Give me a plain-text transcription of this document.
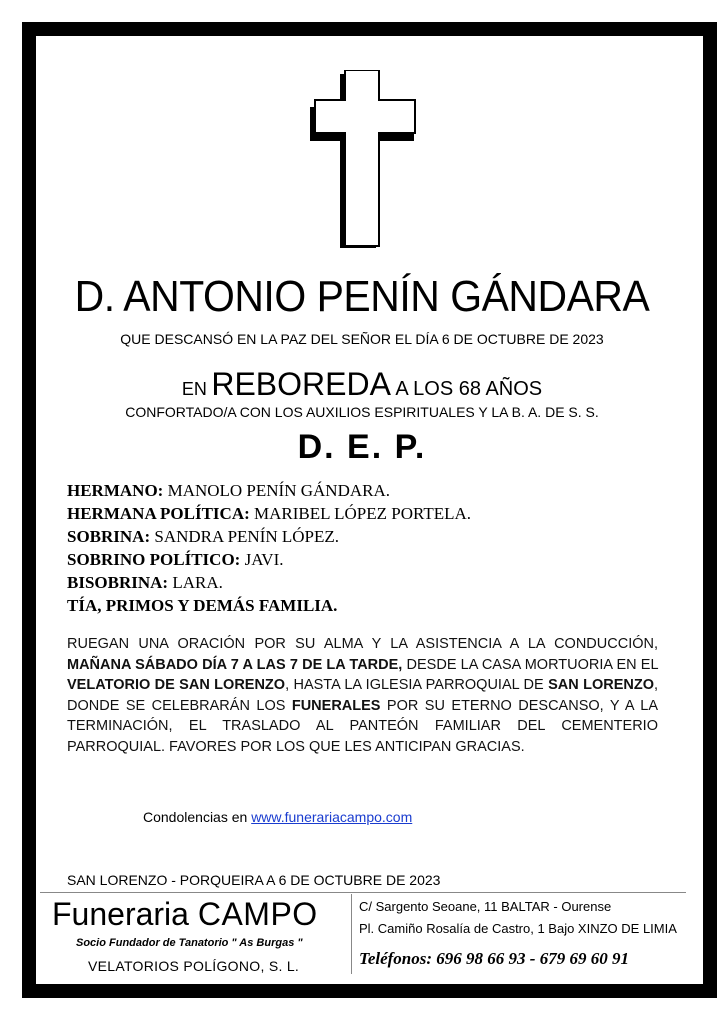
D. ANTONIO PENÍN GÁNDARA
QUE DESCANSÓ EN LA PAZ DEL SEÑOR EL DÍA 6 DE OCTUBRE DE 2023
EN REBOREDA A LOS 68 AÑOS
CONFORTADO/A CON LOS AUXILIOS ESPIRITUALES Y LA B. A. DE S. S.
D. E. P.
HERMANO: MANOLO PENÍN GÁNDARA.
HERMANA POLÍTICA: MARIBEL LÓPEZ PORTELA.
SOBRINA: SANDRA PENÍN LÓPEZ.
SOBRINO POLÍTICO: JAVI.
BISOBRINA: LARA.
TÍA, PRIMOS Y DEMÁS FAMILIA.
RUEGAN UNA ORACIÓN POR SU ALMA Y LA ASISTENCIA A LA CONDUCCIÓN, MAÑANA SÁBADO DÍA 7 A LAS 7 DE LA TARDE, DESDE LA CASA MORTUORIA EN EL VELATORIO DE SAN LORENZO, HASTA LA IGLESIA PARROQUIAL DE SAN LORENZO, DONDE SE CELEBRARÁN LOS FUNERALES POR SU ETERNO DESCANSO, Y A LA TERMINACIÓN, EL TRASLADO AL PANTEÓN FAMILIAR DEL CEMENTERIO PARROQUIAL. FAVORES POR LOS QUE LES ANTICIPAN GRACIAS.
Condolencias en www.funerariacampo.com
SAN LORENZO - PORQUEIRA A 6 DE OCTUBRE DE 2023
Funeraria CAMPO
Socio Fundador de Tanatorio " As Burgas "
VELATORIOS POLÍGONO, S. L.
C/ Sargento Seoane, 11 BALTAR - Ourense
Pl. Camiño Rosalía de Castro, 1 Bajo XINZO DE LIMIA
Teléfonos: 696 98 66 93 - 679 69 60 91
